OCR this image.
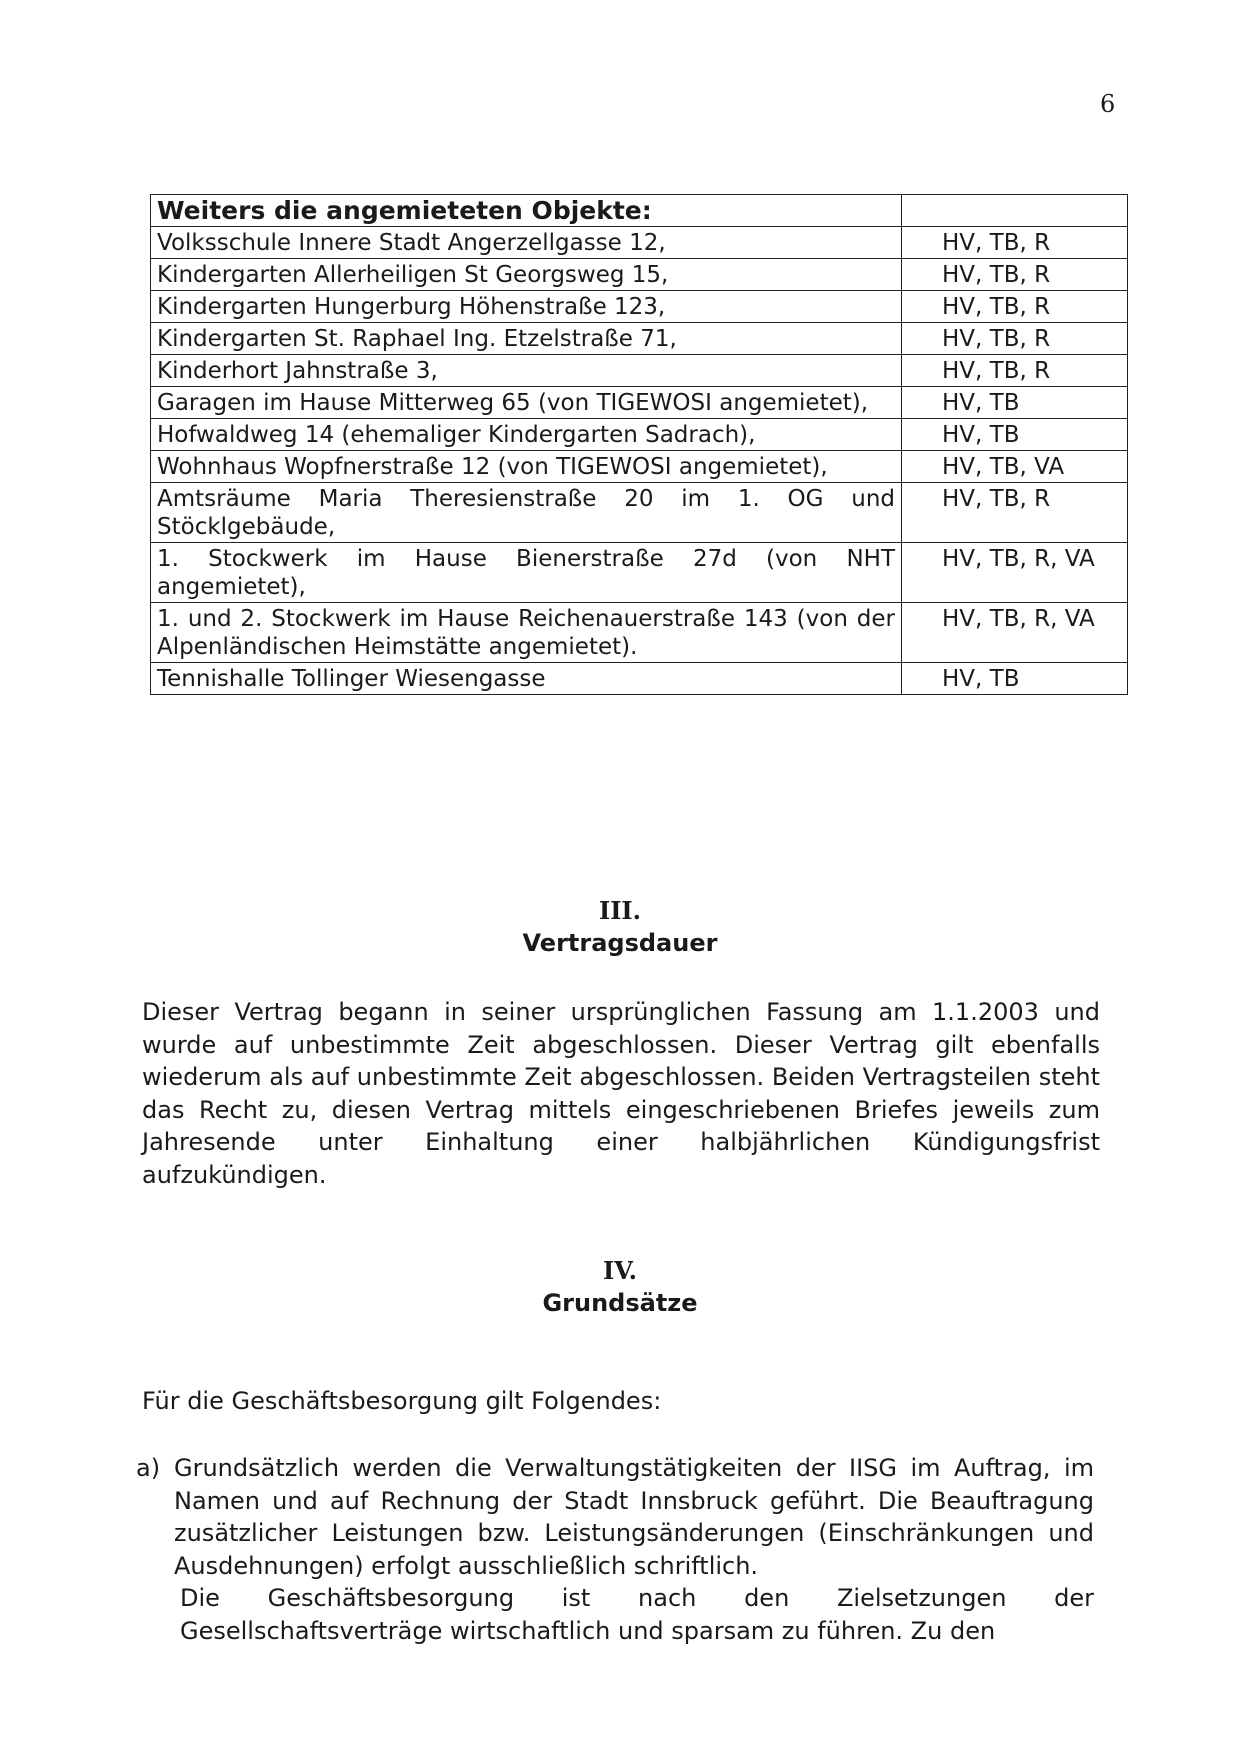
6
Weiters die angemieteten Objekte:	
Volksschule Innere Stadt Angerzellgasse 12,	HV, TB, R
Kindergarten Allerheiligen St Georgsweg 15,	HV, TB, R
Kindergarten Hungerburg Höhenstraße 123,	HV, TB, R
Kindergarten St. Raphael Ing. Etzelstraße 71,	HV, TB, R
Kinderhort Jahnstraße 3,	HV, TB, R
Garagen im Hause Mitterweg 65 (von TIGEWOSI angemietet),	HV, TB
Hofwaldweg 14 (ehemaliger Kindergarten Sadrach),	HV, TB
Wohnhaus Wopfnerstraße 12 (von TIGEWOSI angemietet),	HV, TB, VA
Amtsräume Maria Theresienstraße 20 im 1. OG und Stöcklgebäude,	HV, TB, R
1. Stockwerk im Hause Bienerstraße 27d (von NHT angemietet),	HV, TB, R, VA
1. und 2. Stockwerk im Hause Reichenauerstraße 143 (von der Alpenländischen Heimstätte angemietet).	HV, TB, R, VA
Tennishalle Tollinger Wiesengasse	HV, TB
III.
Vertragsdauer

Dieser Vertrag begann in seiner ursprünglichen Fassung am 1.1.2003 und wurde auf unbestimmte Zeit abgeschlossen. Dieser Vertrag gilt ebenfalls wiederum als auf unbestimmte Zeit abgeschlossen. Beiden Vertragsteilen steht das Recht zu, diesen Vertrag mittels eingeschriebenen Briefes jeweils zum Jahresende unter Einhaltung einer halbjährlichen Kündigungsfrist aufzukündigen.

IV.
Grundsätze

Für die Geschäftsbesorgung gilt Folgendes:

a) Grundsätzlich werden die Verwaltungstätigkeiten der IISG im Auftrag, im Namen und auf Rechnung der Stadt Innsbruck geführt. Die Beauftragung zusätzlicher Leistungen bzw. Leistungsänderungen (Einschränkungen und Ausdehnungen) erfolgt ausschließlich schriftlich.

Die Geschäftsbesorgung ist nach den Zielsetzungen der Gesellschaftsverträge wirtschaftlich und sparsam zu führen. Zu den
